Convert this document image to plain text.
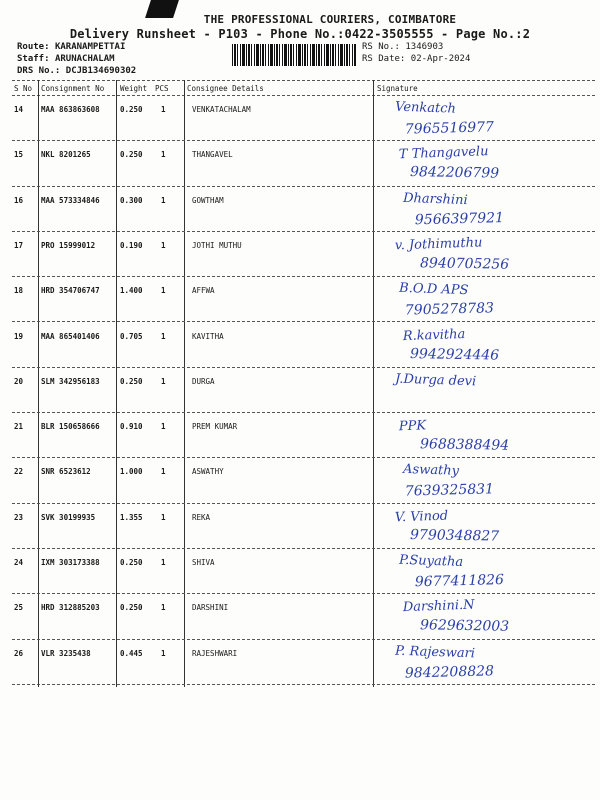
THE PROFESSIONAL COURIERS, COIMBATORE
Delivery Runsheet - P103 - Phone No.:0422-3505555 - Page No.:2
Route: KARANAMPETTAI
Staff: ARUNACHALAM
DRS No.: DCJB134690302
RS No.: 1346903
RS Date: 02-Apr-2024
S No Consignment No Weight PCS Consignee Details	Signature
14 MAA 863863608	0.250 1	VENKATACHALAM	Venkatch
7965516977
15 NKL 8201265	0.250 1	THANGAVEL	T Thangavelu
9842206799
16 MAA 573334846	0.300 1	GOWTHAM	Dharshini
9566397921
17 PRO 15999012	0.190 1	JOTHI MUTHU	v. Jothimuthu
8940705256
18 HRD 354706747	1.400 1	AFFWA	B.O.D APS
7905278783
19 MAA 865401406	0.705 1	KAVITHA	R.kavitha
9942924446
20 SLM 342956183	0.250 1	DURGA	J.Durga devi
21 BLR 150658666	0.910 1	PREM KUMAR	PPK
9688388494
22 SNR 6523612	1.000 1	ASWATHY	Aswathy
7639325831
23 SVK 30199935	1.355 1	REKA	V. Vinod
9790348827
24 IXM 303173388	0.250 1	SHIVA	P.Suyatha
9677411826
25 HRD 312885203	0.250 1	DARSHINI	Darshini.N
9629632003
26 VLR 3235438	0.445 1	RAJESHWARI	P. Rajeswari
9842208828
